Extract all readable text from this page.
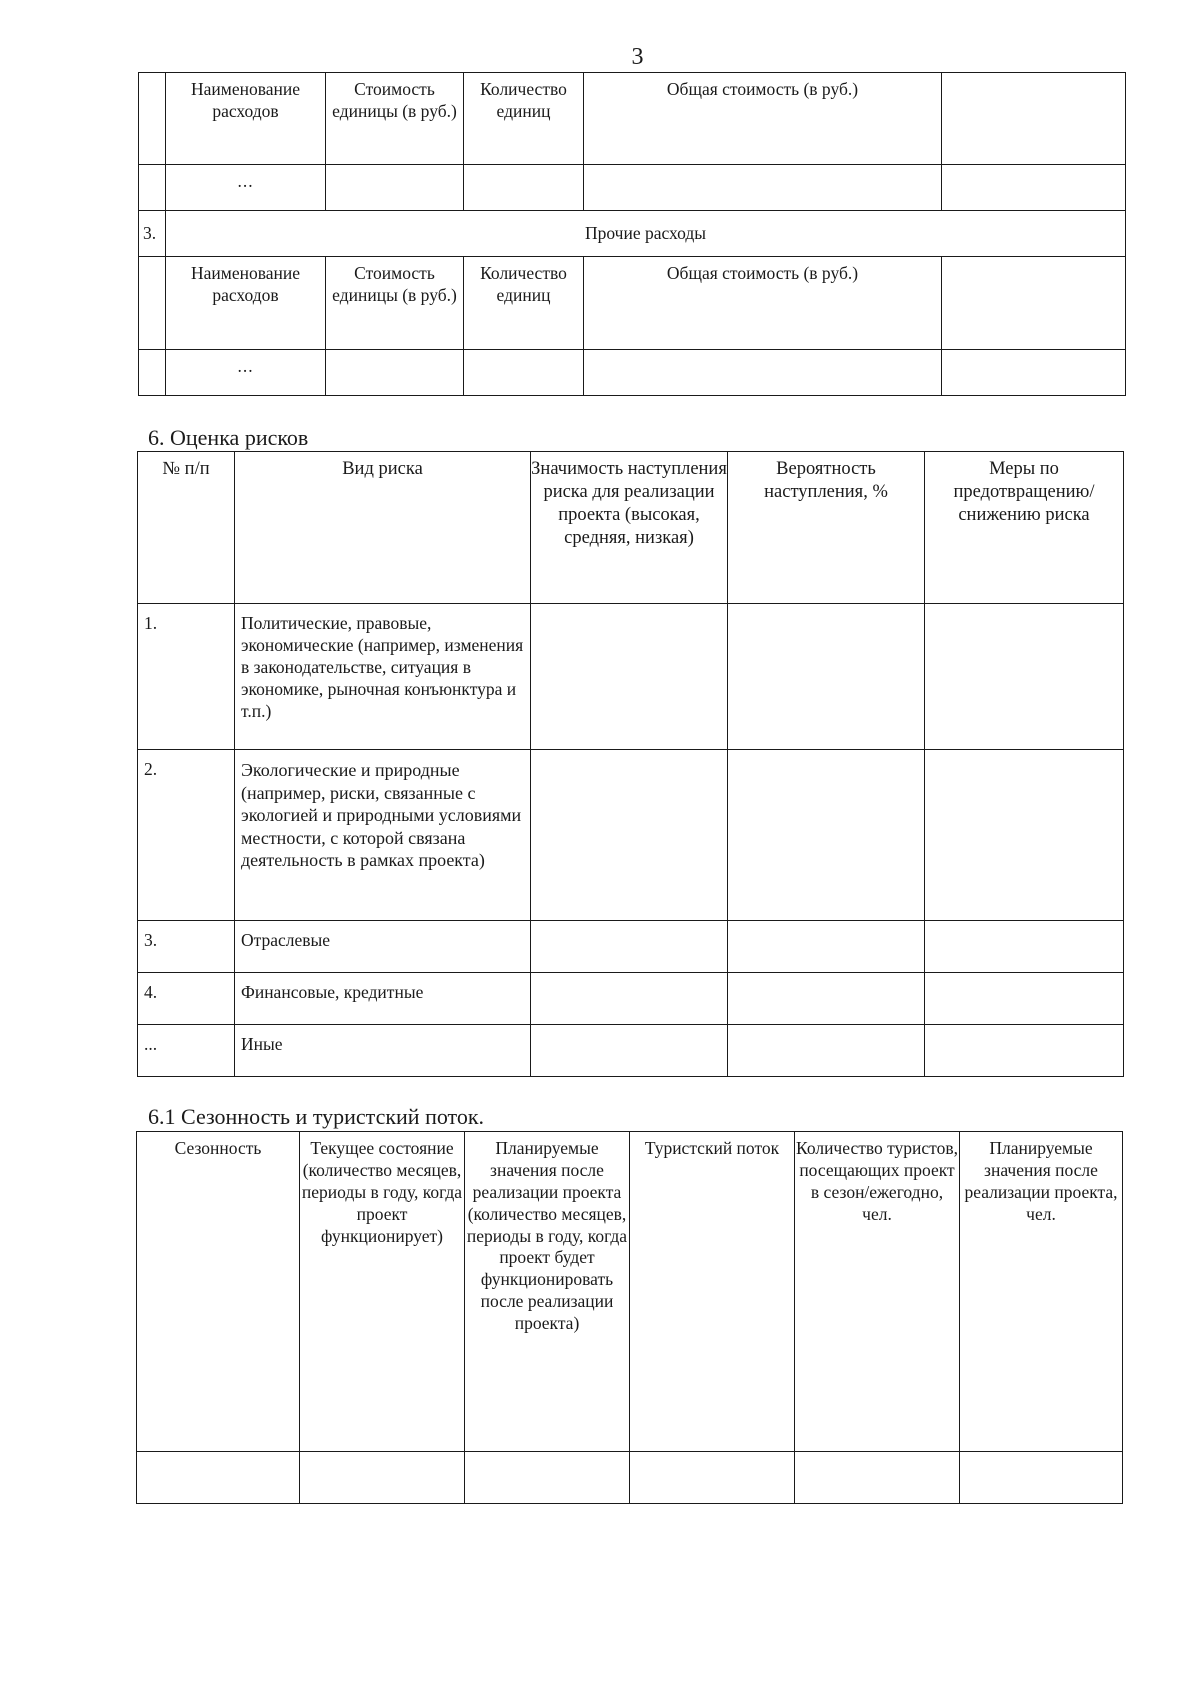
3
	Наименование расходов	Стоимость единицы (в руб.)	Количество единиц	Общая стоимость (в руб.)	
	...				
3.	Прочие расходы				
	Наименование расходов	Стоимость единицы (в руб.)	Количество единиц	Общая стоимость (в руб.)	
	...				
6. Оценка рисков
№ п/п	Вид риска	Значимость наступления риска для реализации проекта (высокая, средняя, низкая)	Вероятность наступления, %	Меры по предотвращению/снижению риска
1.	Политические, правовые, экономические (например, изменения в законодательстве, ситуация в экономике, рыночная конъюнктура и т.п.)			
2.	Экологические и природные (например, риски, связанные с экологией и природными условиями местности, с которой связана деятельность в рамках проекта)			
3.	Отраслевые			
4.	Финансовые, кредитные			
...	Иные			
6.1 Сезонность и туристский поток.
Сезонность	Текущее состояние (количество месяцев, периоды в году, когда проект функционирует)	Планируемые значения после реализации проекта (количество месяцев, периоды в году, когда проект будет функционировать после реализации проекта)	Туристский поток	Количество туристов, посещающих проект в сезон/ежегодно, чел.	Планируемые значения после реализации проекта, чел.
